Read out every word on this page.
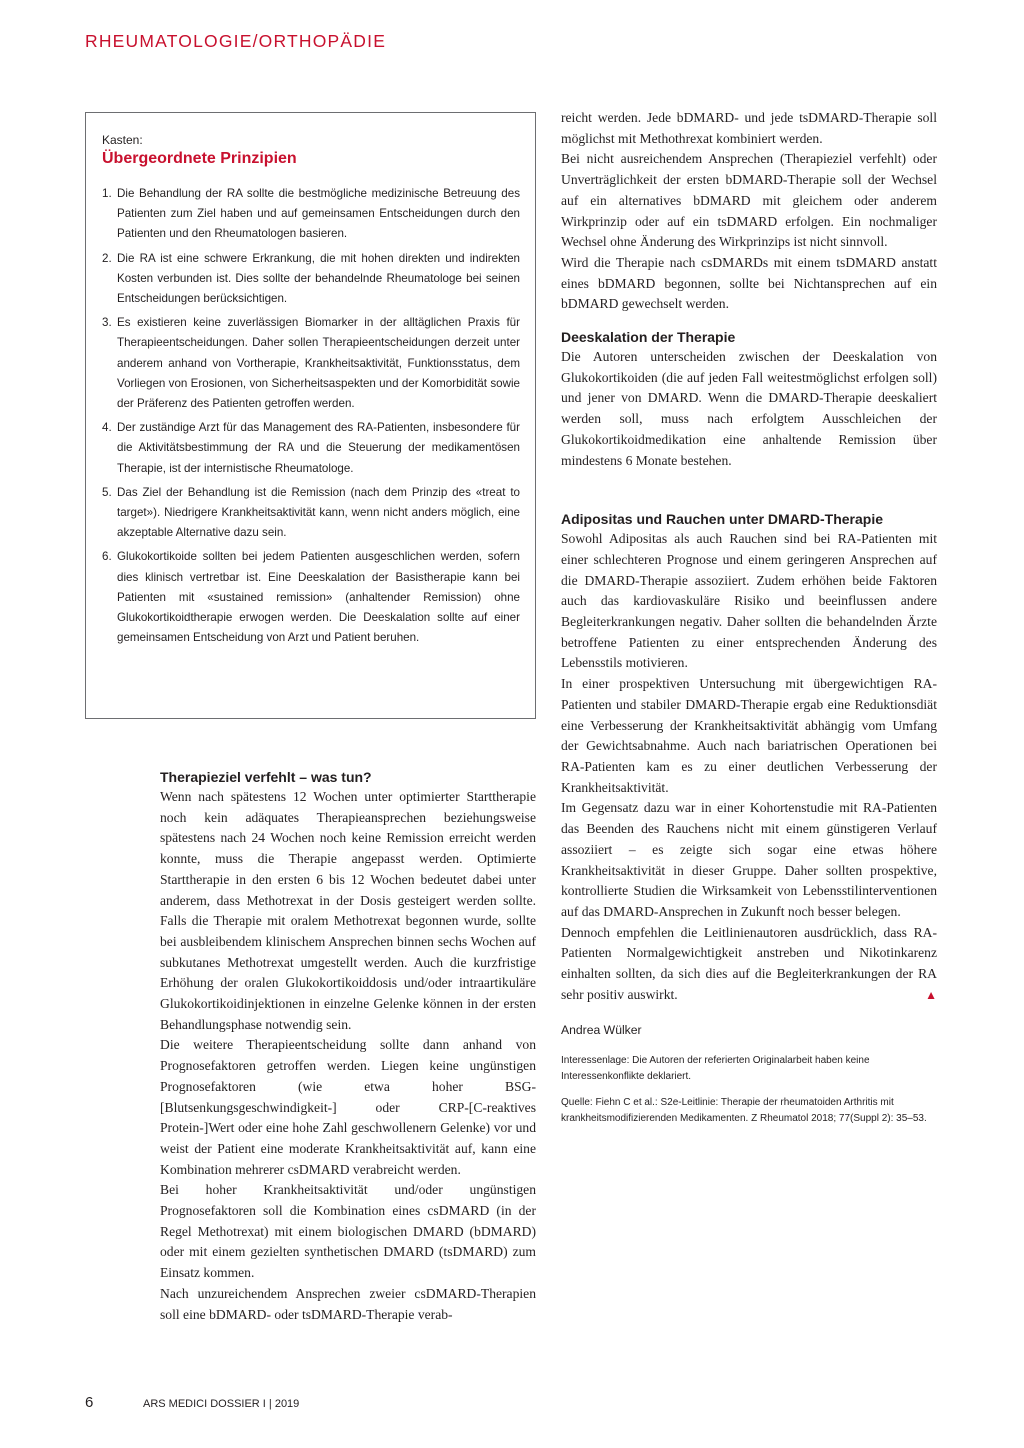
RHEUMATOLOGIE/ORTHOPÄDIE
Kasten:
Übergeordnete Prinzipien
1. Die Behandlung der RA sollte die bestmögliche medizinische Betreuung des Patienten zum Ziel haben und auf gemeinsamen Entscheidungen durch den Patienten und den Rheumatologen basieren.
2. Die RA ist eine schwere Erkrankung, die mit hohen direkten und indirekten Kosten verbunden ist. Dies sollte der behandelnde Rheumatologe bei seinen Entscheidungen berücksichtigen.
3. Es existieren keine zuverlässigen Biomarker in der alltäglichen Praxis für Therapieentscheidungen. Daher sollen Therapieentscheidungen derzeit unter anderem anhand von Vortherapie, Krankheitsaktivität, Funktionsstatus, dem Vorliegen von Erosionen, von Sicherheitsaspekten und der Komorbidität sowie der Präferenz des Patienten getroffen werden.
4. Der zuständige Arzt für das Management des RA-Patienten, insbesondere für die Aktivitätsbestimmung der RA und die Steuerung der medikamentösen Therapie, ist der internistische Rheumatologe.
5. Das Ziel der Behandlung ist die Remission (nach dem Prinzip des «treat to target»). Niedrigere Krankheitsaktivität kann, wenn nicht anders möglich, eine akzeptable Alternative dazu sein.
6. Glukokortikoide sollten bei jedem Patienten ausgeschlichen werden, sofern dies klinisch vertretbar ist. Eine Deeskalation der Basistherapie kann bei Patienten mit «sustained remission» (anhaltender Remission) ohne Glukokortikoidtherapie erwogen werden. Die Deeskalation sollte auf einer gemeinsamen Entscheidung von Arzt und Patient beruhen.
Therapieziel verfehlt – was tun?

Wenn nach spätestens 12 Wochen unter optimierter Starttherapie noch kein adäquates Therapieansprechen beziehungsweise spätestens nach 24 Wochen noch keine Remission erreicht werden konnte, muss die Therapie angepasst werden. Optimierte Starttherapie in den ersten 6 bis 12 Wochen bedeutet dabei unter anderem, dass Methotrexat in der Dosis gesteigert werden sollte. Falls die Therapie mit oralem Methotrexat begonnen wurde, sollte bei ausbleibendem klinischem Ansprechen binnen sechs Wochen auf subkutanes Methotrexat umgestellt werden. Auch die kurzfristige Erhöhung der oralen Glukokortikoiddosis und/oder intraartikuläre Glukokortikoidinjektionen in einzelne Gelenke können in der ersten Behandlungsphase notwendig sein.

Die weitere Therapieentscheidung sollte dann anhand von Prognosefaktoren getroffen werden. Liegen keine ungünstigen Prognosefaktoren (wie etwa hoher BSG-[Blutsenkungsgeschwindigkeit-] oder CRP-[C-reaktives Protein-]Wert oder eine hohe Zahl geschwollenern Gelenke) vor und weist der Patient eine moderate Krankheitsaktivität auf, kann eine Kombination mehrerer csDMARD verabreicht werden.

Bei hoher Krankheitsaktivität und/oder ungünstigen Prognosefaktoren soll die Kombination eines csDMARD (in der Regel Methotrexat) mit einem biologischen DMARD (bDMARD) oder mit einem gezielten synthetischen DMARD (tsDMARD) zum Einsatz kommen.

Nach unzureichendem Ansprechen zweier csDMARD-Therapien soll eine bDMARD- oder tsDMARD-Therapie verab-

reicht werden. Jede bDMARD- und jede tsDMARD-Therapie soll möglichst mit Methothrexat kombiniert werden.

Bei nicht ausreichendem Ansprechen (Therapieziel verfehlt) oder Unverträglichkeit der ersten bDMARD-Therapie soll der Wechsel auf ein alternatives bDMARD mit gleichem oder anderem Wirkprinzip oder auf ein tsDMARD erfolgen. Ein nochmaliger Wechsel ohne Änderung des Wirkprinzips ist nicht sinnvoll.

Wird die Therapie nach csDMARDs mit einem tsDMARD anstatt eines bDMARD begonnen, sollte bei Nichtansprechen auf ein bDMARD gewechselt werden.

Deeskalation der Therapie

Die Autoren unterscheiden zwischen der Deeskalation von Glukokortikoiden (die auf jeden Fall weitestmöglichst erfolgen soll) und jener von DMARD. Wenn die DMARD-Therapie deeskaliert werden soll, muss nach erfolgtem Ausschleichen der Glukokortikoidmedikation eine anhaltende Remission über mindestens 6 Monate bestehen.

Adipositas und Rauchen unter DMARD-Therapie

Sowohl Adipositas als auch Rauchen sind bei RA-Patienten mit einer schlechteren Prognose und einem geringeren Ansprechen auf die DMARD-Therapie assoziiert. Zudem erhöhen beide Faktoren auch das kardiovaskuläre Risiko und beeinflussen andere Begleiterkrankungen negativ. Daher sollten die behandelnden Ärzte betroffene Patienten zu einer entsprechenden Änderung des Lebensstils motivieren.

In einer prospektiven Untersuchung mit übergewichtigen RA-Patienten und stabiler DMARD-Therapie ergab eine Reduktionsdiät eine Verbesserung der Krankheitsaktivität abhängig vom Umfang der Gewichtsabnahme. Auch nach bariatrischen Operationen bei RA-Patienten kam es zu einer deutlichen Verbesserung der Krankheitsaktivität.

Im Gegensatz dazu war in einer Kohortenstudie mit RA-Patienten das Beenden des Rauchens nicht mit einem günstigeren Verlauf assoziiert – es zeigte sich sogar eine etwas höhere Krankheitsaktivität in dieser Gruppe. Daher sollten prospektive, kontrollierte Studien die Wirksamkeit von Lebensstilinterventionen auf das DMARD-Ansprechen in Zukunft noch besser belegen.

Dennoch empfehlen die Leitlinienautoren ausdrücklich, dass RA-Patienten Normalgewichtigkeit anstreben und Nikotinkarenz einhalten sollten, da sich dies auf die Begleiterkrankungen der RA sehr positiv auswirkt.	▲

Andrea Wülker
Interessenlage: Die Autoren der referierten Originalarbeit haben keine Interessenkonflikte deklariert.
Quelle: Fiehn C et al.: S2e-Leitlinie: Therapie der rheumatoiden Arthritis mit krankheitsmodifizierenden Medikamenten. Z Rheumatol 2018; 77(Suppl 2): 35–53.
6	ARS MEDICI DOSSIER I | 2019
